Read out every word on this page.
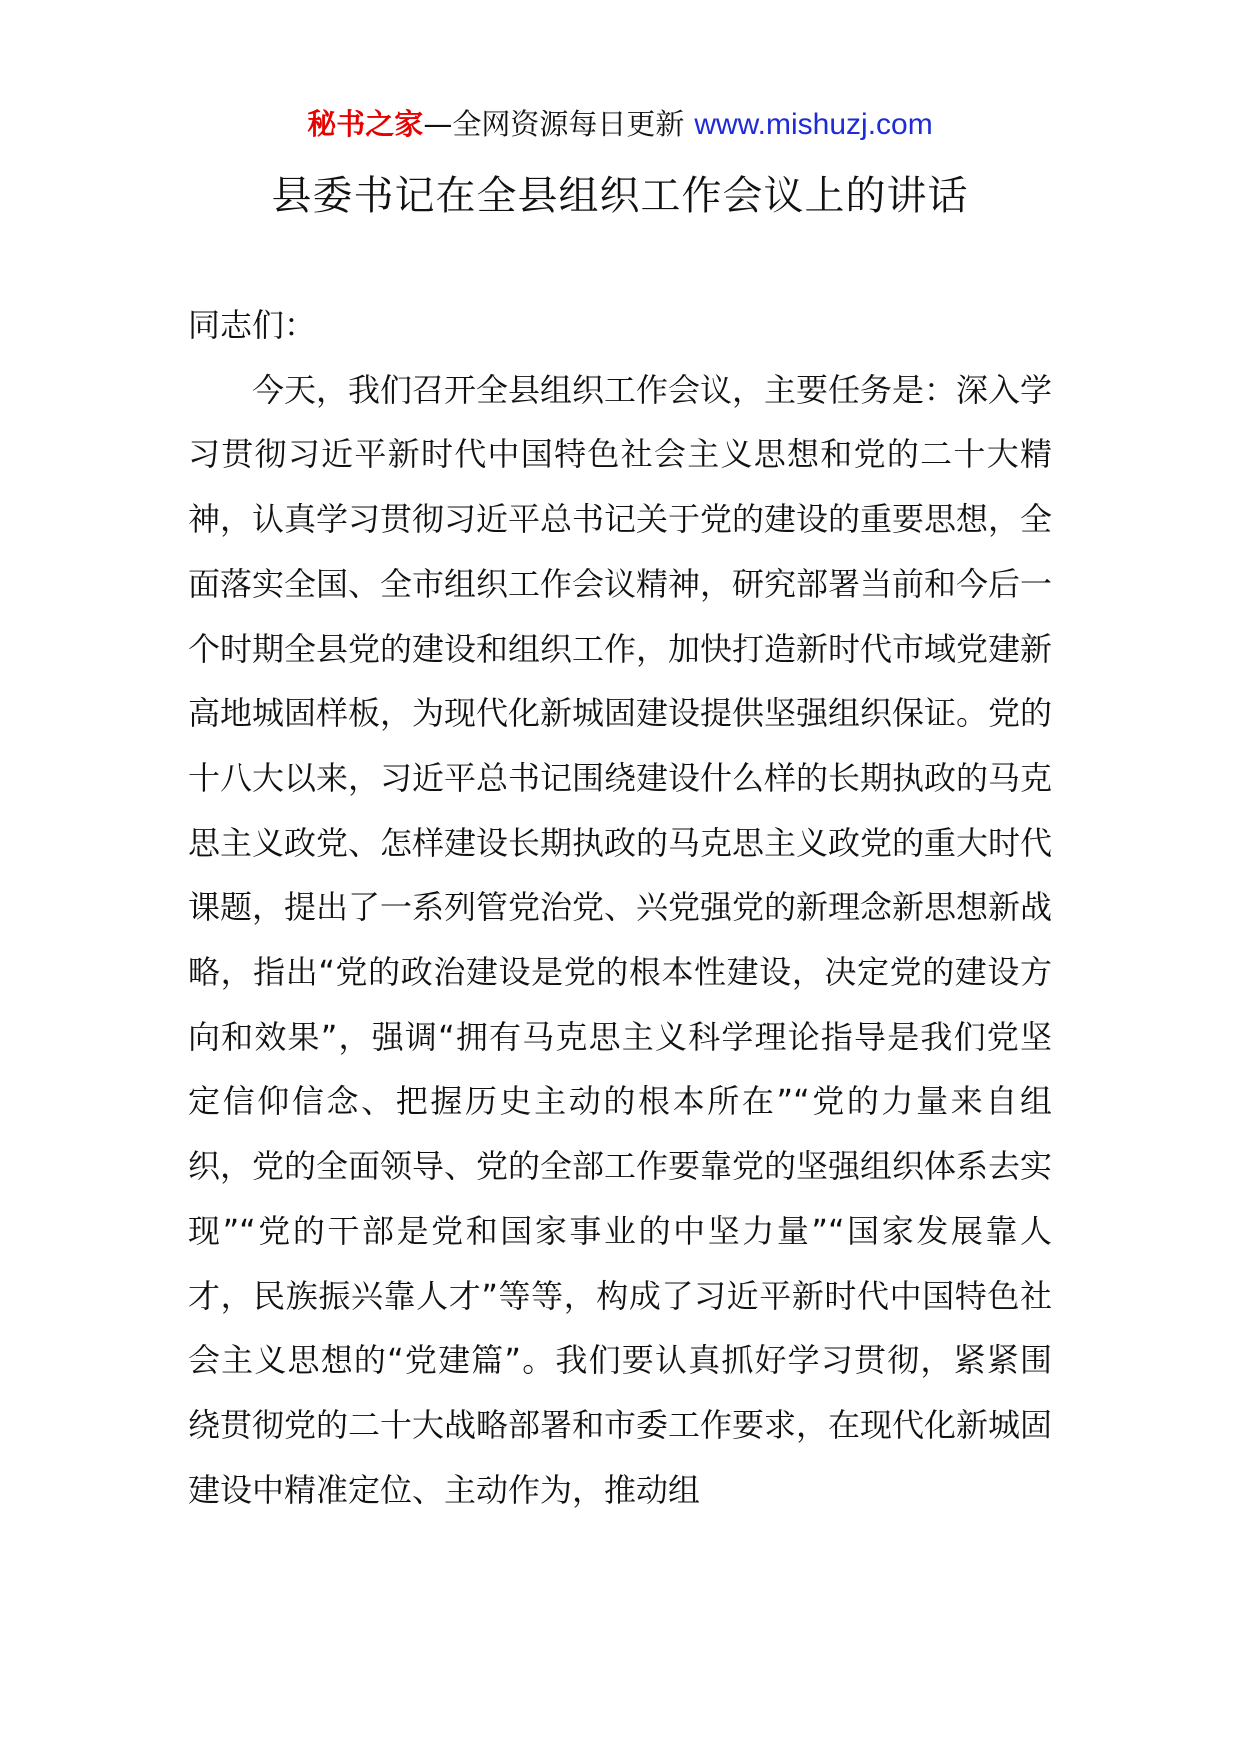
秘书之家—全网资源每日更新 www.mishuzj.com
县委书记在全县组织工作会议上的讲话

同志们：

今天，我们召开全县组织工作会议，主要任务是：深入学习贯彻习近平新时代中国特色社会主义思想和党的二十大精神，认真学习贯彻习近平总书记关于党的建设的重要思想，全面落实全国、全市组织工作会议精神，研究部署当前和今后一个时期全县党的建设和组织工作，加快打造新时代市域党建新高地城固样板，为现代化新城固建设提供坚强组织保证。党的十八大以来，习近平总书记围绕建设什么样的长期执政的马克思主义政党、怎样建设长期执政的马克思主义政党的重大时代课题，提出了一系列管党治党、兴党强党的新理念新思想新战略，指出“党的政治建设是党的根本性建设，决定党的建设方向和效果”，强调“拥有马克思主义科学理论指导是我们党坚定信仰信念、把握历史主动的根本所在”“党的力量来自组织，党的全面领导、党的全部工作要靠党的坚强组织体系去实现”“党的干部是党和国家事业的中坚力量”“国家发展靠人才，民族振兴靠人才”等等，构成了习近平新时代中国特色社会主义思想的“党建篇”。我们要认真抓好学习贯彻，紧紧围绕贯彻党的二十大战略部署和市委工作要求，在现代化新城固建设中精准定位、主动作为，推动组
